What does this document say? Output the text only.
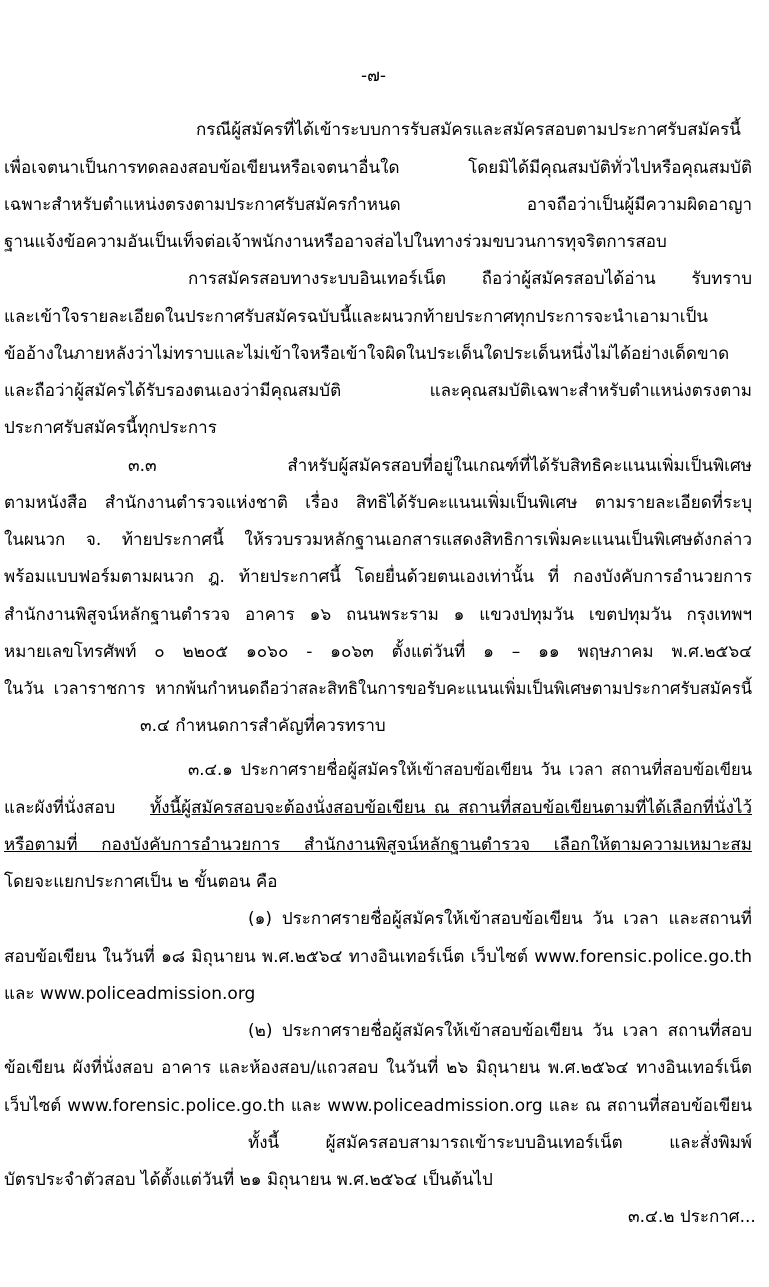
-๗-
กรณีผู้สมัครที่ได้เข้าระบบการรับสมัครและสมัครสอบตามประกาศรับสมัครนี้
เพื่อเจตนาเป็นการทดลองสอบข้อเขียนหรือเจตนาอื่นใด โดยมิได้มีคุณสมบัติทั่วไปหรือคุณสมบัติ
เฉพาะสำหรับตำแหน่งตรงตามประกาศรับสมัครกำหนด อาจถือว่าเป็นผู้มีความผิดอาญา
ฐานแจ้งข้อความอันเป็นเท็จต่อเจ้าพนักงานหรืออาจส่อไปในทางร่วมขบวนการทุจริตการสอบ
การสมัครสอบทางระบบอินเทอร์เน็ต ถือว่าผู้สมัครสอบได้อ่าน รับทราบ
และเข้าใจรายละเอียดในประกาศรับสมัครฉบับนี้และผนวกท้ายประกาศทุกประการจะนำเอามาเป็น
ข้ออ้างในภายหลังว่าไม่ทราบและไม่เข้าใจหรือเข้าใจผิดในประเด็นใดประเด็นหนึ่งไม่ได้อย่างเด็ดขาด
และถือว่าผู้สมัครได้รับรองตนเองว่ามีคุณสมบัติ และคุณสมบัติเฉพาะสำหรับตำแหน่งตรงตาม
ประกาศรับสมัครนี้ทุกประการ
๓.๓ สำหรับผู้สมัครสอบที่อยู่ในเกณฑ์ที่ได้รับสิทธิคะแนนเพิ่มเป็นพิเศษ
ตามหนังสือ สำนักงานตำรวจแห่งชาติ เรื่อง สิทธิได้รับคะแนนเพิ่มเป็นพิเศษ ตามรายละเอียดที่ระบุ
ในผนวก จ. ท้ายประกาศนี้ ให้รวบรวมหลักฐานเอกสารแสดงสิทธิการเพิ่มคะแนนเป็นพิเศษดังกล่าว
พร้อมแบบฟอร์มตามผนวก ฎ. ท้ายประกาศนี้ โดยยื่นด้วยตนเองเท่านั้น ที่ กองบังคับการอำนวยการ
สำนักงานพิสูจน์หลักฐานตำรวจ อาคาร ๑๖ ถนนพระราม ๑ แขวงปทุมวัน เขตปทุมวัน กรุงเทพฯ
หมายเลขโทรศัพท์ ๐ ๒๒๐๕ ๑๐๖๐ - ๑๐๖๓ ตั้งแต่วันที่ ๑ – ๑๑ พฤษภาคม พ.ศ.๒๕๖๔
ในวัน เวลาราชการ หากพ้นกำหนดถือว่าสละสิทธิในการขอรับคะแนนเพิ่มเป็นพิเศษตามประกาศรับสมัครนี้
๓.๔ กำหนดการสำคัญที่ควรทราบ
๓.๔.๑ ประกาศรายชื่อผู้สมัครให้เข้าสอบข้อเขียน วัน เวลา สถานที่สอบข้อเขียน
และผังที่นั่งสอบ ทั้งนี้ผู้สมัครสอบจะต้องนั่งสอบข้อเขียน ณ สถานที่สอบข้อเขียนตามที่ได้เลือกที่นั่งไว้
หรือตามที่ กองบังคับการอำนวยการ สำนักงานพิสูจน์หลักฐานตำรวจ เลือกให้ตามความเหมาะสม
โดยจะแยกประกาศเป็น ๒ ขั้นตอน คือ
(๑) ประกาศรายชื่อผู้สมัครให้เข้าสอบข้อเขียน วัน เวลา และสถานที่
สอบข้อเขียน ในวันที่ ๑๘ มิถุนายน พ.ศ.๒๕๖๔ ทางอินเทอร์เน็ต เว็บไซต์ www.forensic.police.go.th
และ www.policeadmission.org
(๒) ประกาศรายชื่อผู้สมัครให้เข้าสอบข้อเขียน วัน เวลา สถานที่สอบ
ข้อเขียน ผังที่นั่งสอบ อาคาร และห้องสอบ/แถวสอบ ในวันที่ ๒๖ มิถุนายน พ.ศ.๒๕๖๔ ทางอินเทอร์เน็ต
เว็บไซต์ www.forensic.police.go.th และ www.policeadmission.org และ ณ สถานที่สอบข้อเขียน
ทั้งนี้ ผู้สมัครสอบสามารถเข้าระบบอินเทอร์เน็ต และสั่งพิมพ์
บัตรประจำตัวสอบ ได้ตั้งแต่วันที่ ๒๑ มิถุนายน พ.ศ.๒๕๖๔ เป็นต้นไป
๓.๔.๒ ประกาศ...
